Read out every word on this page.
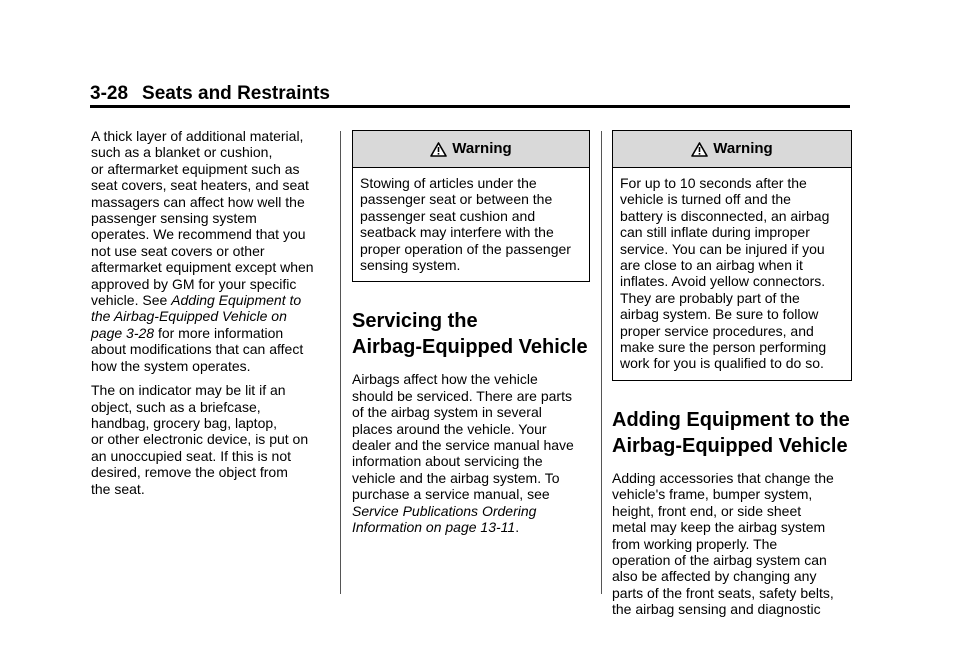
3-28 Seats and Restraints

A thick layer of additional material,
such as a blanket or cushion,
or aftermarket equipment such as
seat covers, seat heaters, and seat
massagers can affect how well the
passenger sensing system
operates. We recommend that you
not use seat covers or other
aftermarket equipment except when
approved by GM for your specific
vehicle. See Adding Equipment to
the Airbag-Equipped Vehicle on
page 3-28 for more information
about modifications that can affect
how the system operates.

The on indicator may be lit if an
object, such as a briefcase,
handbag, grocery bag, laptop,
or other electronic device, is put on
an unoccupied seat. If this is not
desired, remove the object from
the seat.

Warning
Stowing of articles under the
passenger seat or between the
passenger seat cushion and
seatback may interfere with the
proper operation of the passenger
sensing system.
Servicing the
Airbag-Equipped Vehicle

Airbags affect how the vehicle
should be serviced. There are parts
of the airbag system in several
places around the vehicle. Your
dealer and the service manual have
information about servicing the
vehicle and the airbag system. To
purchase a service manual, see
Service Publications Ordering
Information on page 13-11.

Warning
For up to 10 seconds after the
vehicle is turned off and the
battery is disconnected, an airbag
can still inflate during improper
service. You can be injured if you
are close to an airbag when it
inflates. Avoid yellow connectors.
They are probably part of the
airbag system. Be sure to follow
proper service procedures, and
make sure the person performing
work for you is qualified to do so.
Adding Equipment to the
Airbag-Equipped Vehicle

Adding accessories that change the
vehicle's frame, bumper system,
height, front end, or side sheet
metal may keep the airbag system
from working properly. The
operation of the airbag system can
also be affected by changing any
parts of the front seats, safety belts,
the airbag sensing and diagnostic
